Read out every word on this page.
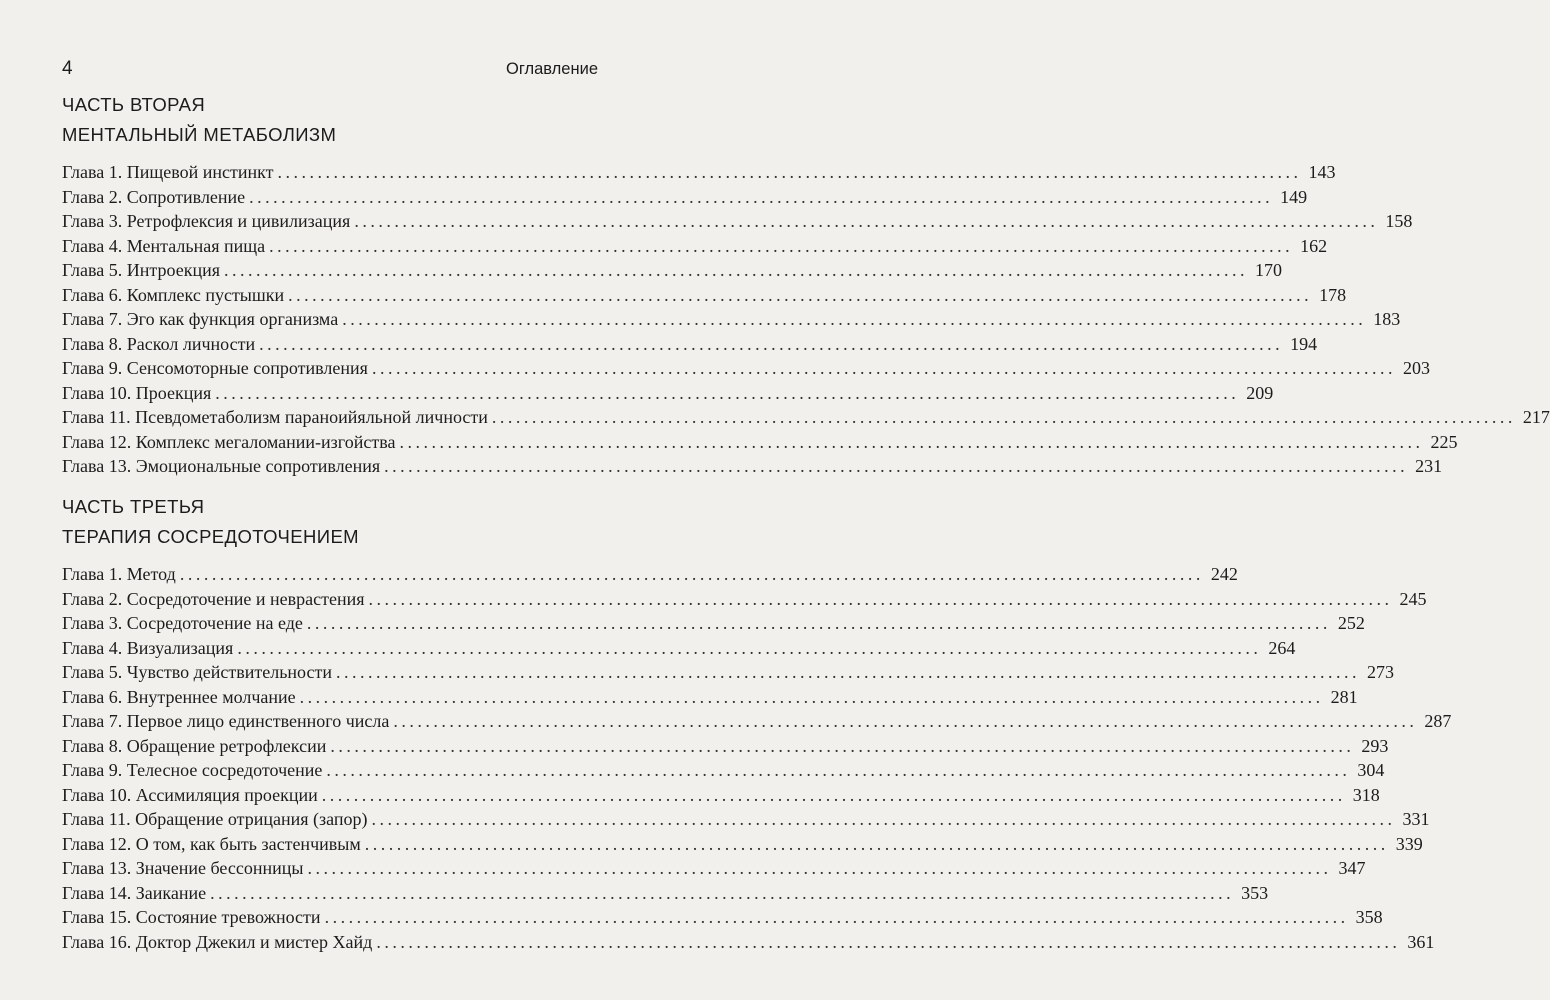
4	Оглавление
ЧАСТЬ ВТОРАЯ
МЕНТАЛЬНЫЙ МЕТАБОЛИЗМ
Глава 1. Пищевой инстинкт .....	143
Глава 2. Сопротивление .....	149
Глава 3. Ретрофлексия и цивилизация .....	158
Глава 4. Ментальная пища .....	162
Глава 5. Интроекция .....	170
Глава 6. Комплекс пустышки .....	178
Глава 7. Эго как функция организма .....	183
Глава 8. Раскол личности .....	194
Глава 9. Сенсомоторные сопротивления .....	203
Глава 10. Проекция .....	209
Глава 11. Псевдометаболизм параноийяльной личности .....	217
Глава 12. Комплекс мегаломании-изгойства .....	225
Глава 13. Эмоциональные сопротивления .....	231
ЧАСТЬ ТРЕТЬЯ
ТЕРАПИЯ СОСРЕДОТОЧЕНИЕМ
Глава 1. Метод .....	242
Глава 2. Сосредоточение и неврастения .....	245
Глава 3. Сосредоточение на еде .....	252
Глава 4. Визуализация .....	264
Глава 5. Чувство действительности .....	273
Глава 6. Внутреннее молчание .....	281
Глава 7. Первое лицо единственного числа .....	287
Глава 8. Обращение ретрофлексии .....	293
Глава 9. Телесное сосредоточение .....	304
Глава 10. Ассимиляция проекции .....	318
Глава 11. Обращение отрицания (запор) .....	331
Глава 12. О том, как быть застенчивым .....	339
Глава 13. Значение бессонницы .....	347
Глава 14. Заикание .....	353
Глава 15. Состояние тревожности .....	358
Глава 16. Доктор Джекил и мистер Хайд .....	361
